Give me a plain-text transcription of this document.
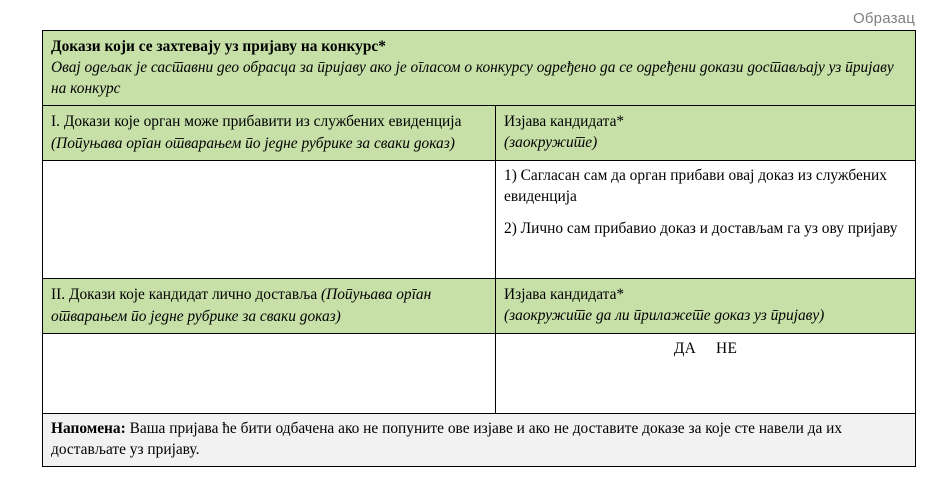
Образац
Докази који се захтевају уз пријаву на конкурс*
Овај одељак је саставни део обрасца за пријаву ако је огласом о конкурсу одређено да се одређени докази достављају уз пријаву на конкурс	

I. Докази које орган може прибавити из службених евиденција (Попуњава орган отварањем по једне рубрике за сваки доказ)	Изјава кандидата*
(заокружите)

	1) Сагласан сам да орган прибави овај доказ из службених евиденција
2) Лично сам прибавио доказ и достављам га уз ову пријаву

II. Докази које кандидат лично доставља (Попуњава орган отварањем по једне рубрике за сваки доказ)	Изјава кандидата*
(заокружите да ли прилажете доказ уз пријаву)

	ДА НЕ
Напомена: Ваша пријава ће бити одбачена ако не попуните ове изјаве и ако не доставите доказе за које сте навели да их достављате уз пријаву.	
